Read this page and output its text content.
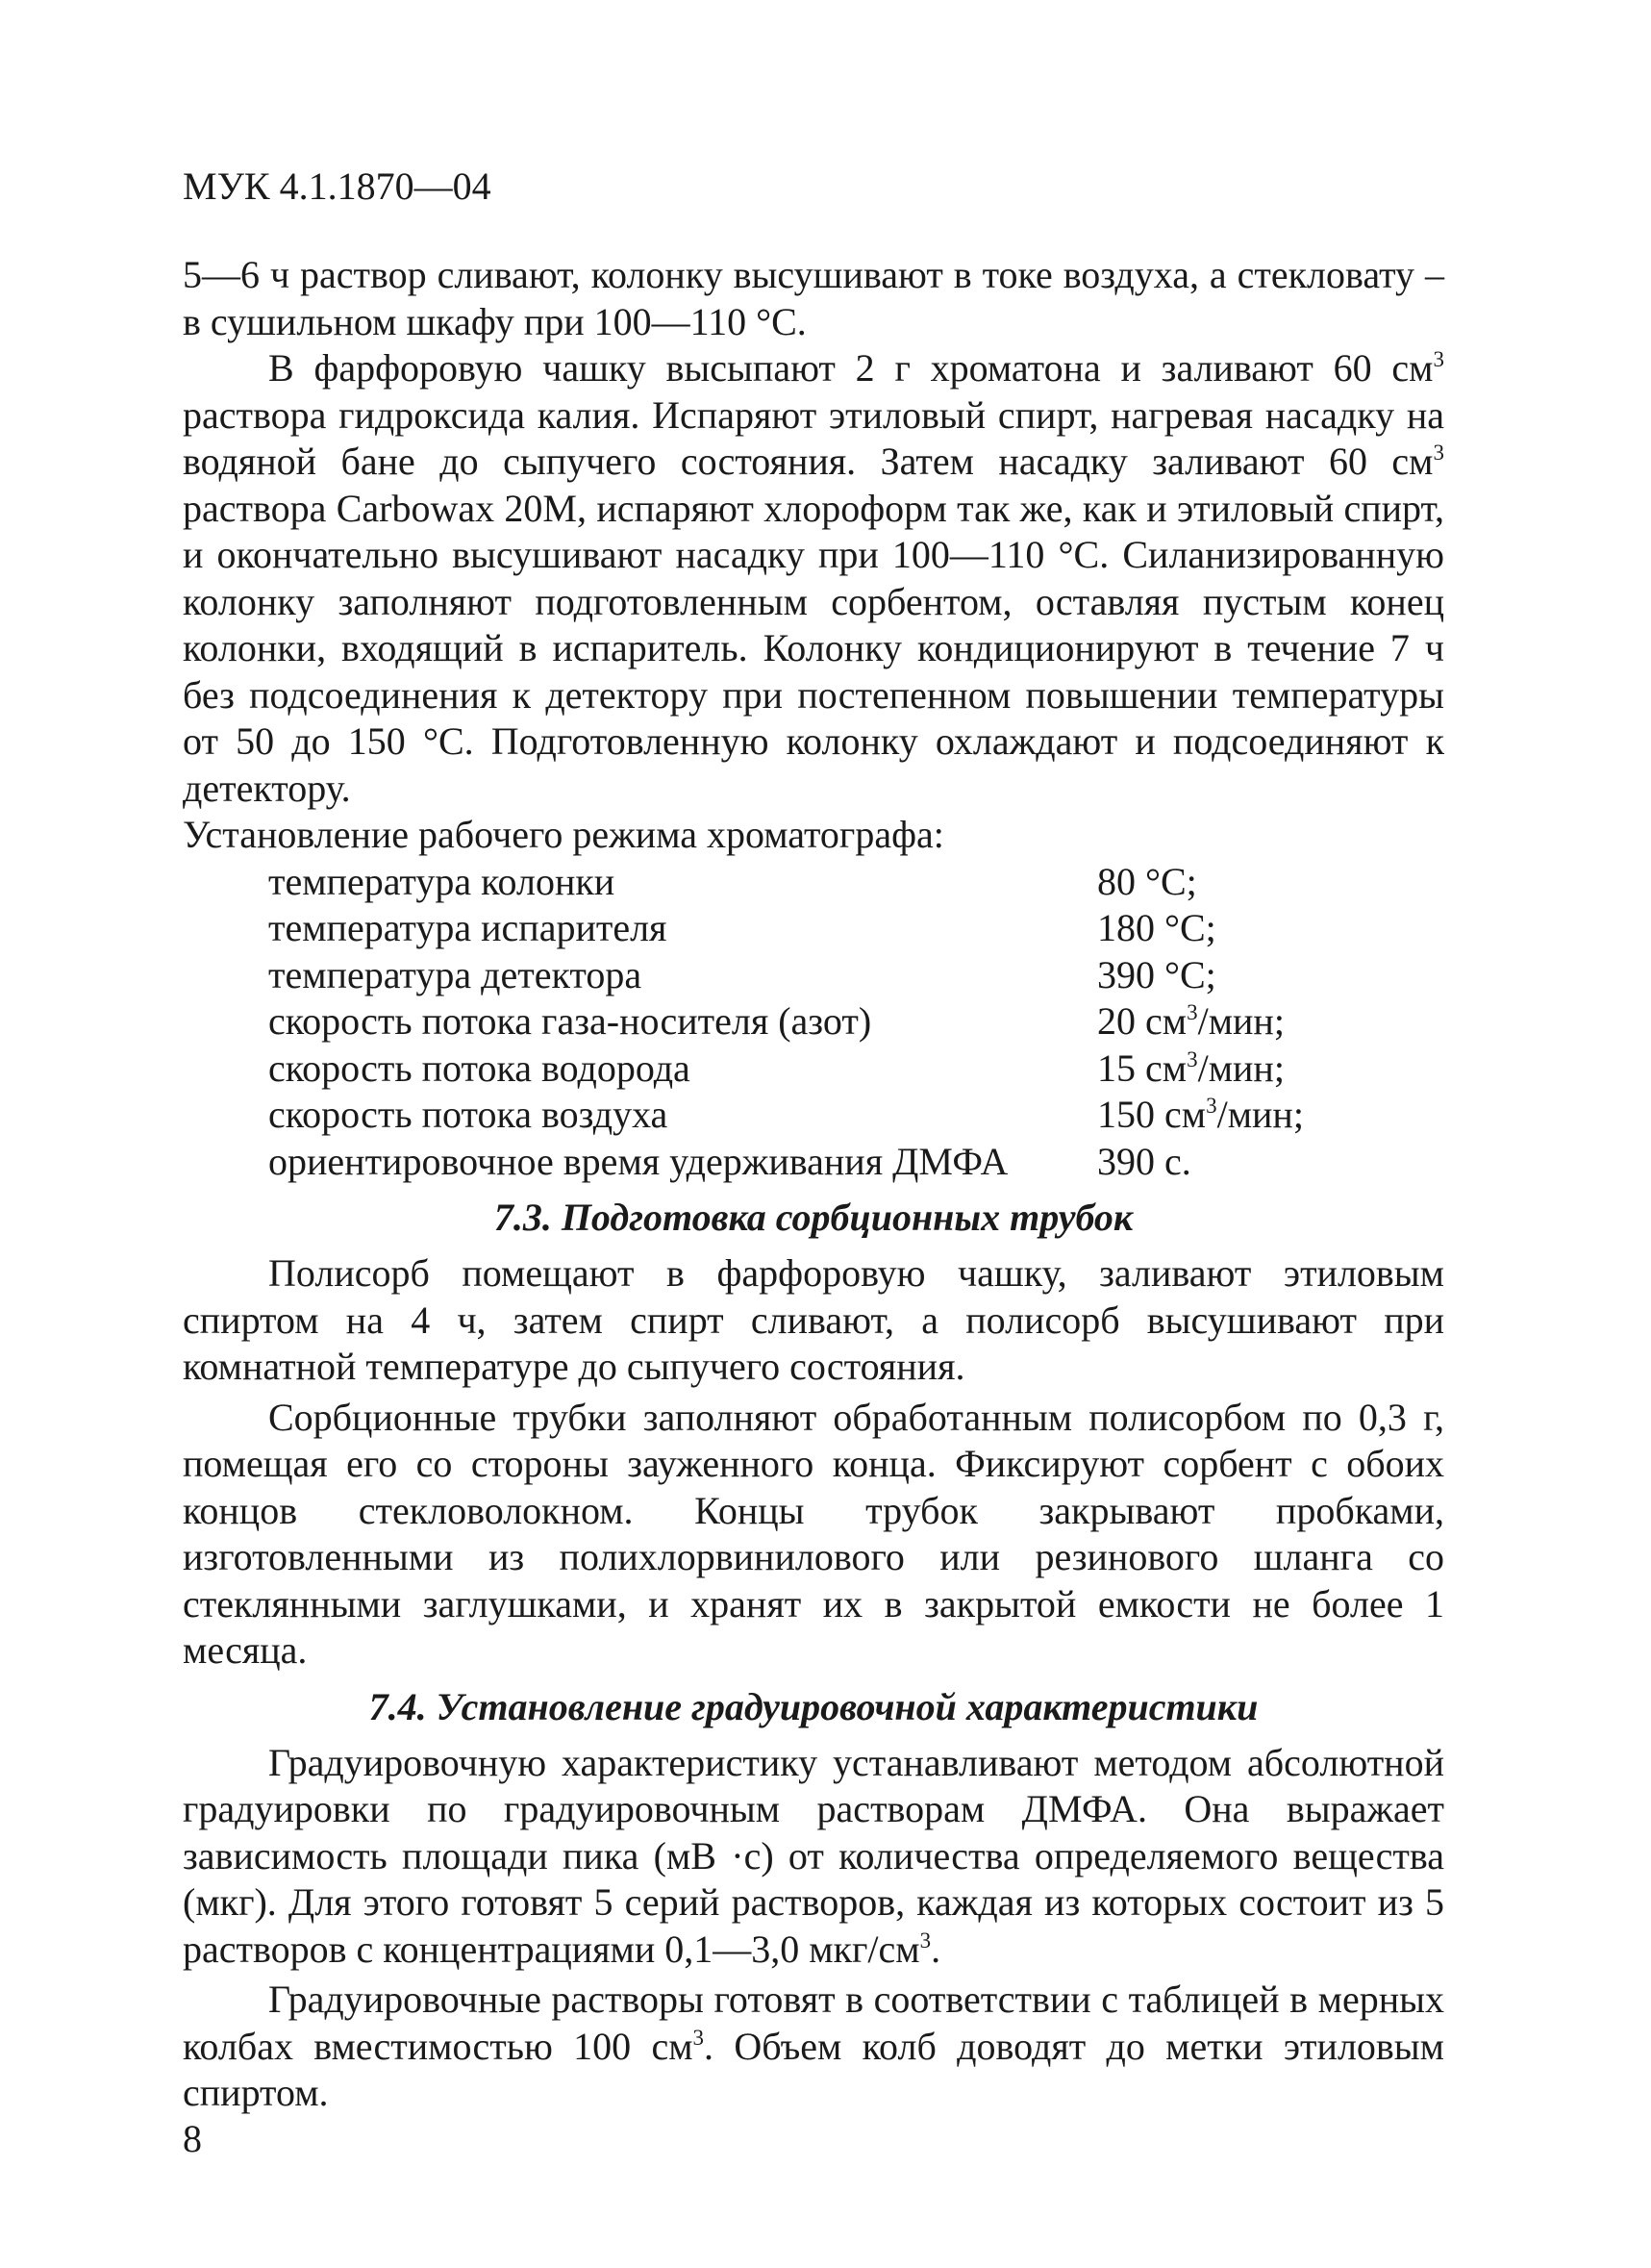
МУК 4.1.1870—04

5—6 ч раствор сливают, колонку высушивают в токе воздуха, а стекловату – в сушильном шкафу при 100—110 °С.

В фарфоровую чашку высыпают 2 г хроматона и заливают 60 $см^3$ раствора гидроксида калия. Испаряют этиловый спирт, нагревая насадку на водяной бане до сыпучего состояния. Затем насадку заливают 60 $см^3$ раствора Carbowax 20М, испаряют хлороформ так же, как и этиловый спирт, и окончательно высушивают насадку при 100—110 °С. Силанизированную колонку заполняют подготовленным сорбентом, оставляя пустым конец колонки, входящий в испаритель. Колонку кондиционируют в течение 7 ч без подсоединения к детектору при постепенном повышении температуры от 50 до 150 °С. Подготовленную колонку охлаждают и подсоединяют к детектору.

Установление рабочего режима хроматографа:

температура колонки	80 °С;
температура испарителя	180 °С;
температура детектора	390 °С;
скорость потока газа-носителя (азот)	20 $см^3$/мин;
скорость потока водорода	15 $см^3$/мин;
скорость потока воздуха	150 $см^3$/мин;
ориентировочное время удерживания ДМФА	390 с.
7.3. Подготовка сорбционных трубок

Полисорб помещают в фарфоровую чашку, заливают этиловым спиртом на 4 ч, затем спирт сливают, а полисорб высушивают при комнатной температуре до сыпучего состояния.

Сорбционные трубки заполняют обработанным полисорбом по 0,3 г, помещая его со стороны зауженного конца. Фиксируют сорбент с обоих концов стекловолокном. Концы трубок закрывают пробками, изготовленными из полихлорвинилового или резинового шланга со стеклянными заглушками, и хранят их в закрытой емкости не более 1 месяца.

7.4. Установление градуировочной характеристики

Градуировочную характеристику устанавливают методом абсолютной градуировки по градуировочным растворам ДМФА. Она выражает зависимость площади пика (мВ ·с) от количества определяемого вещества (мкг). Для этого готовят 5 серий растворов, каждая из которых состоит из 5 растворов с концентрациями 0,1—3,0 мкг/$см^3$.

Градуировочные растворы готовят в соответствии с таблицей в мерных колбах вместимостью 100 $см^3$. Объем колб доводят до метки этиловым спиртом.

8
